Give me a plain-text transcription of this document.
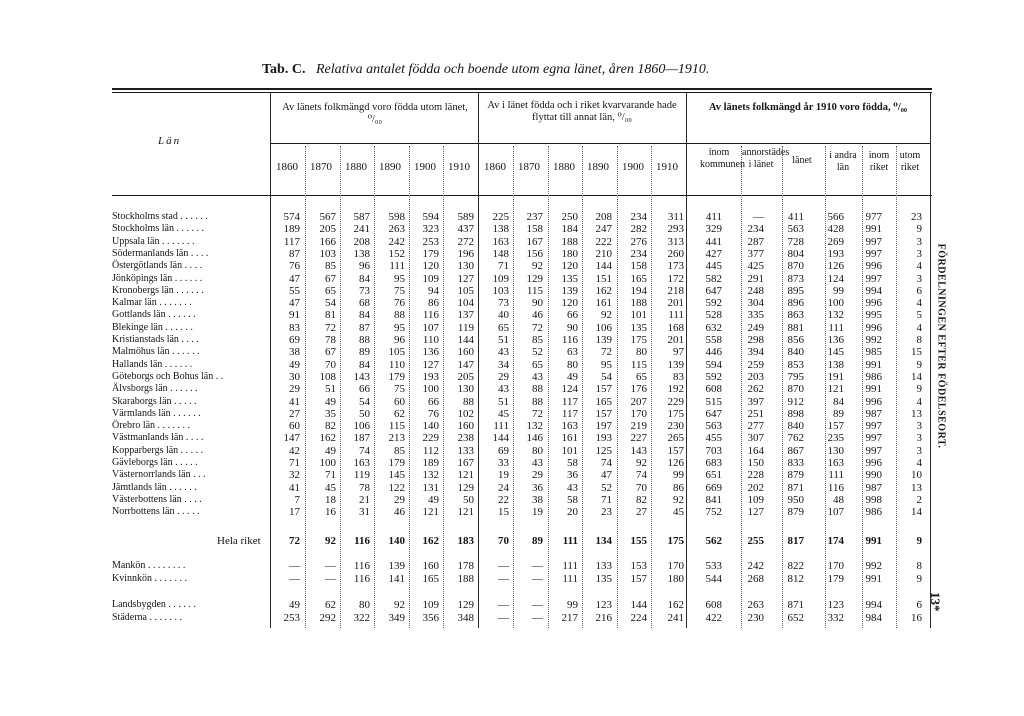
Tab. C. Relativa antalet födda och boende utom egna länet, åren 1860—1910.
Län
Av länets folkmängd voro födda utom länet, ⁰/₀₀
Av i länet födda och i riket kvarvarande hade flyttat till annat län, ⁰/₀₀
Av länets folkmängd år 1910 voro födda, ⁰/₀₀
1860 1870 1880 1890 1900 1910 1860 1870 1880 1890 1900 1910
inom kommunen
annorstädes i länet	länet	i andra län
inom riket
utom riket
Stockholms stad . . . . . .	574	567	587	598	594	589	225	237	250	208	234	311	411	—	411	566	977	23
Stockholms län . . . . . .	189	205	241	263	323	437	138	158	184	247	282	293	329	234	563	428	991	9
Uppsala län . . . . . . .	117	166	208	242	253	272	163	167	188	222	276	313	441	287	728	269	997	3
Södermanlands län . . . .	87	103	138	152	179	196	148	156	180	210	234	260	427	377	804	193	997	3
Östergötlands län . . . .	76	85	96	111	120	130	71	92	120	144	158	173	445	425	870	126	996	4
Jönköpings län . . . . . .	47	67	84	95	109	127	109	129	135	151	165	172	582	291	873	124	997	3
Kronobergs län . . . . . .	55	65	73	75	94	105	103	115	139	162	194	218	647	248	895	99	994	6
Kalmar län . . . . . . .	47	54	68	76	86	104	73	90	120	161	188	201	592	304	896	100	996	4
Gottlands län . . . . . .	91	81	84	88	116	137	40	46	66	92	101	111	528	335	863	132	995	5
Blekinge län . . . . . .	83	72	87	95	107	119	65	72	90	106	135	168	632	249	881	111	996	4
Kristianstads län . . . .	69	78	88	96	110	144	51	85	116	139	175	201	558	298	856	136	992	8
Malmöhus län . . . . . .	38	67	89	105	136	160	43	52	63	72	80	97	446	394	840	145	985	15
Hallands län . . . . . .	49	70	84	110	127	147	34	65	80	95	115	139	594	259	853	138	991	9
Göteborgs och Bohus län . .	30	108	143	179	193	205	29	43	49	54	65	83	592	203	795	191	986	14
Älvsborgs län . . . . . .	29	51	66	75	100	130	43	88	124	157	176	192	608	262	870	121	991	9
Skaraborgs län . . . . .	41	49	54	60	66	88	51	88	117	165	207	229	515	397	912	84	996	4
Värmlands län . . . . . .	27	35	50	62	76	102	45	72	117	157	170	175	647	251	898	89	987	13
Örebro län . . . . . . .	60	82	106	115	140	160	111	132	163	197	219	230	563	277	840	157	997	3
Västmanlands län . . . .	147	162	187	213	229	238	144	146	161	193	227	265	455	307	762	235	997	3
Kopparbergs län . . . . .	42	49	74	85	112	133	69	80	101	125	143	157	703	164	867	130	997	3
Gävleborgs län . . . . .	71	100	163	179	189	167	33	43	58	74	92	126	683	150	833	163	996	4
Västernorrlands län . . .	32	71	119	145	132	121	19	29	36	47	74	99	651	228	879	111	990	10
Jämtlands län . . . . . .	41	45	78	122	131	129	24	36	43	52	70	86	669	202	871	116	987	13
Västerbottens län . . . .	7	18	21	29	49	50	22	38	58	71	82	92	841	109	950	48	998	2
Norrbottens län . . . . .	17	16	31	46	121	121	15	19	20	23	27	45	752	127	879	107	986	14
Hela riket	72	92	116	140	162	183	70	89	111	134	155	175	562	255	817	174	991	9
Mankön . . . . . . . .	—	—	116	139	160	178	—	—	111	133	153	170	533	242	822	170	992	8
Kvinnkön . . . . . . .	—	—	116	141	165	188	—	—	111	135	157	180	544	268	812	179	991	9
Landsbygden . . . . . .	49	62	80	92	109	129	—	—	99	123	144	162	608	263	871	123	994	6
Städerna . . . . . . .	253	292	322	349	356	348	—	—	217	216	224	241	422	230	652	332	984	16
FÖRDELNINGEN EFTER FÖDELSEORT.
13*
